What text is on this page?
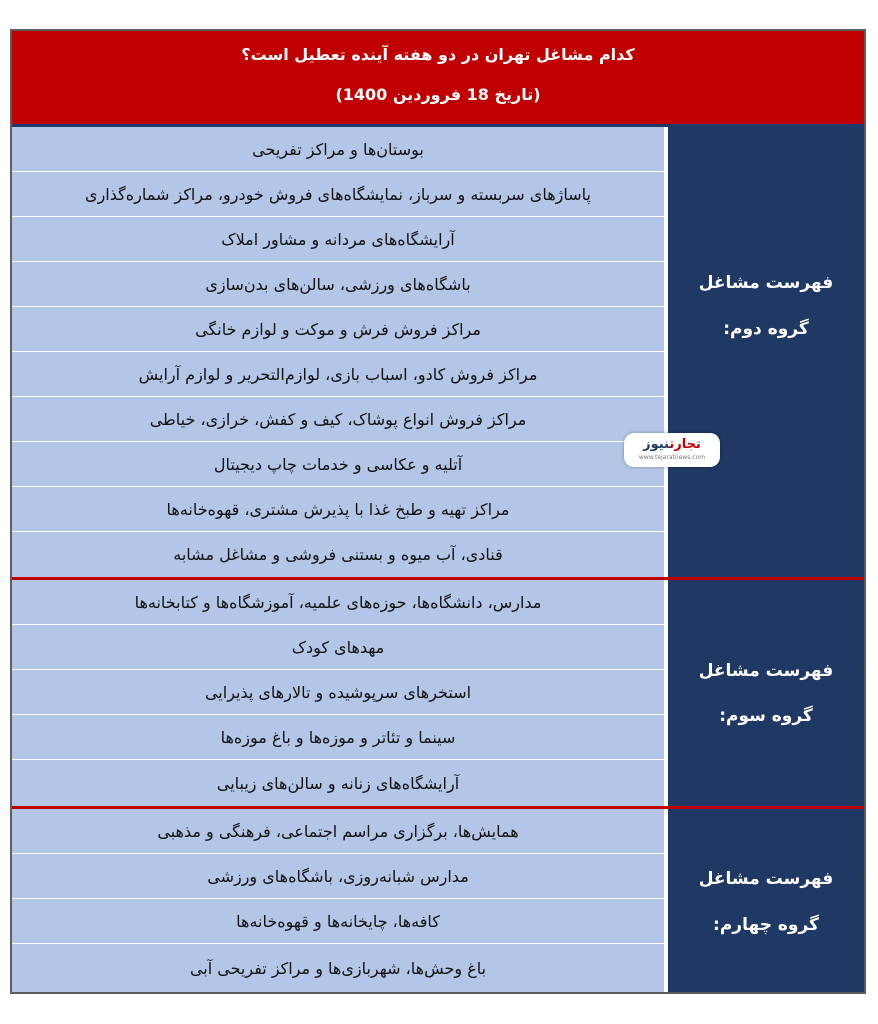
کدام مشاغل تهران در دو هفته آینده تعطیل است؟
(تاریخ 18 فروردین 1400)
فهرست مشاغل
گروه دوم:
بوستان‌ها و مراکز تفریحی
پاساژهای سربسته و سرباز، نمایشگاه‌های فروش خودرو، مراکز شماره‌گذاری
آرایشگاه‌های مردانه و مشاور املاک
باشگاه‌های ورزشی، سالن‌های بدن‌سازی
مراکز فروش فرش و موکت و لوازم خانگی
مراکز فروش کادو، اسباب بازی، لوازم‌التحریر و لوازم آرایش
مراکز فروش انواع پوشاک، کیف و کفش، خرازی، خیاطی
آتلیه و عکاسی و خدمات چاپ دیجیتال
مراکز تهیه و طبخ غذا با پذیرش مشتری، قهوه‌خانه‌ها
قنادی، آب میوه و بستنی فروشی و مشاغل مشابه
فهرست مشاغل
گروه سوم:
مدارس، دانشگاه‌ها، حوزه‌های علمیه، آموزشگاه‌ها و کتابخانه‌ها
مهدهای کودک
استخرهای سرپوشیده و تالارهای پذیرایی
سینما و تئاتر و موزه‌ها و باغ موزه‌ها
آرایشگاه‌های زنانه و سالن‌های زیبایی
فهرست مشاغل
گروه چهارم:
همایش‌ها، برگزاری مراسم اجتماعی، فرهنگی و مذهبی
مدارس شبانه‌روزی، باشگاه‌های ورزشی
کافه‌ها، چایخانه‌ها و قهوه‌خانه‌ها
باغ وحش‌ها، شهربازی‌ها و مراکز تفریحی آبی
تجارتنیوز
www.tejaratnews.com
